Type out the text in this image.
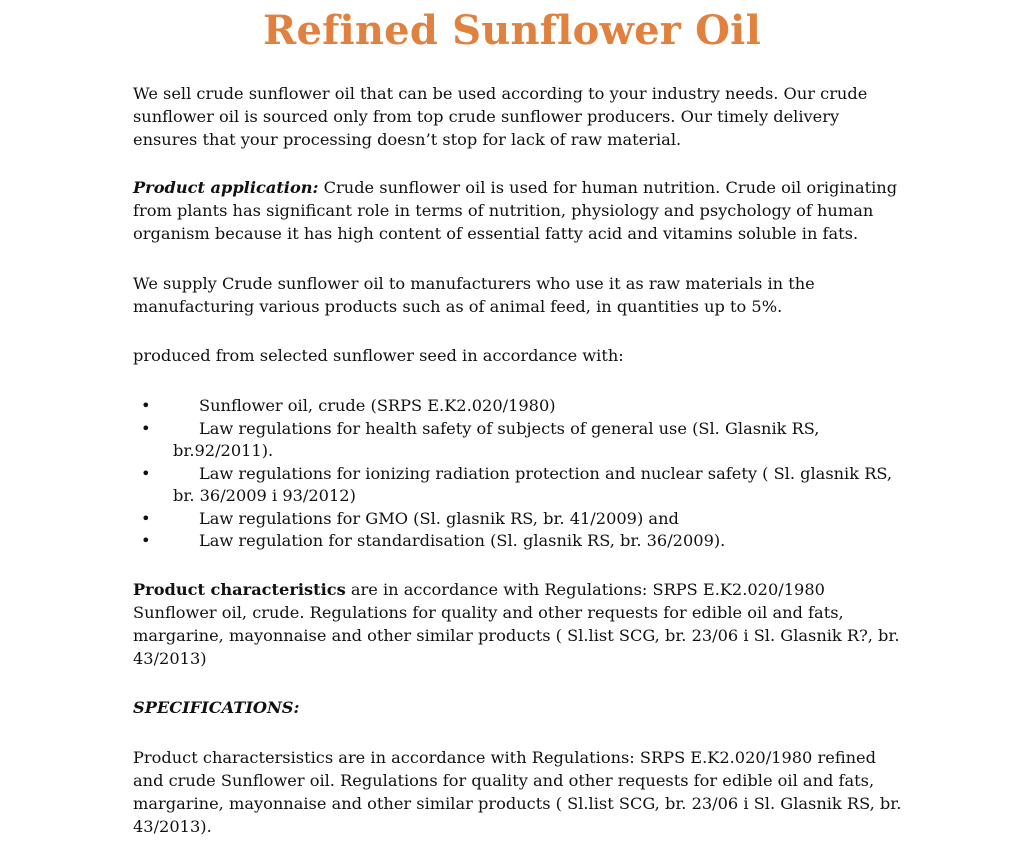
Refined Sunflower Oil

We sell crude sunflower oil that can be used according to your industry needs. Our crude sunflower oil is sourced only from top crude sunflower producers. Our timely delivery ensures that your processing doesn’t stop for lack of raw material.

Product application: Crude sunflower oil is used for human nutrition. Crude oil originating from plants has significant role in terms of nutrition, physiology and psychology of human organism because it has high content of essential fatty acid and vitamins soluble in fats.

We supply Crude sunflower oil to manufacturers who use it as raw materials in the manufacturing various products such as of animal feed, in quantities up to 5%.

produced from selected sunflower seed in accordance with:

•	Sunflower oil, crude (SRPS E.K2.020/1980)
•	Law regulations for health safety of subjects of general use (Sl. Glasnik RS, br.92/2011).
•	Law regulations for ionizing radiation protection and nuclear safety ( Sl. glasnik RS, br. 36/2009 i 93/2012)
•	Law regulations for GMO (Sl. glasnik RS, br. 41/2009) and
•	Law regulation for standardisation (Sl. glasnik RS, br. 36/2009).

Product characteristics are in accordance with Regulations: SRPS E.K2.020/1980 Sunflower oil, crude. Regulations for quality and other requests for edible oil and fats, margarine, mayonnaise and other similar products ( Sl.list SCG, br. 23/06 i Sl. Glasnik R?, br. 43/2013)

SPECIFICATIONS:

Product charactersistics are in accordance with Regulations: SRPS E.K2.020/1980 refined and crude Sunflower oil. Regulations for quality and other requests for edible oil and fats, margarine, mayonnaise and other similar products ( Sl.list SCG, br. 23/06 i Sl. Glasnik RS, br. 43/2013).
